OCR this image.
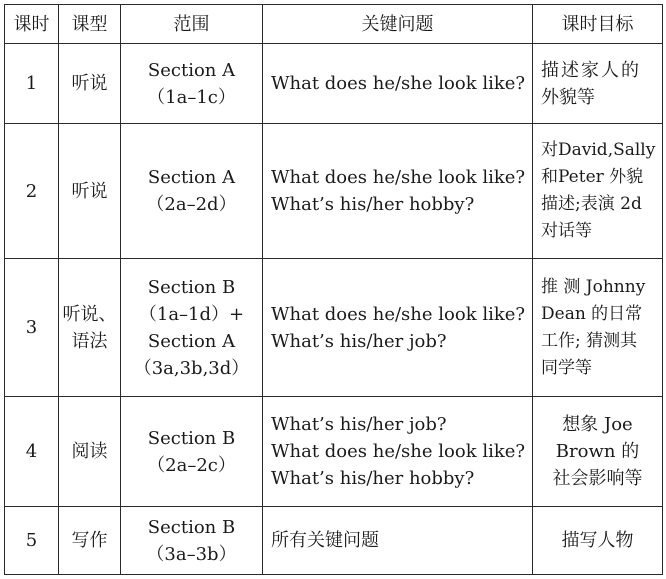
课时	课型	范围	关键问题	课时目标
1	听说	Section A
（1a–1c）	What does he/she look like?	描述家人的
外貌等

2	听说	Section A
（2a–2d）	What does he/she look like?
What’s his/her hobby?	对David,Sally
和Peter 外貌
描述;表演 2d
对话等

3	听说、
语法	Section B
（1a–1d）+
Section A
（3a,3b,3d）	What does he/she look like?
What’s his/her job?	推 测 Johnny
Dean 的日常
工作; 猜测其
同学等

4	阅读	Section B
（2a–2c）	What’s his/her job?
What does he/she look like?
What’s his/her hobby?	想象 Joe
Brown 的
社会影响等

5	写作	Section B
（3a–3b）	所有关键问题	描写人物
